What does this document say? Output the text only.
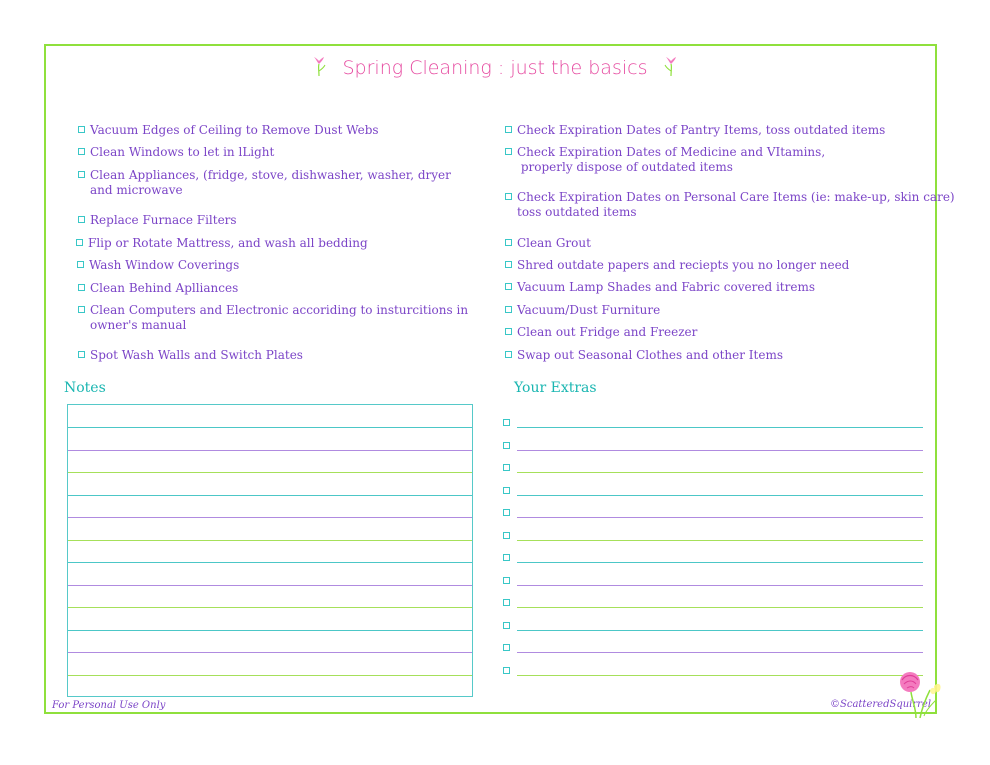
Spring Cleaning : just the basics
Vacuum Edges of Ceiling to Remove Dust Webs
Clean Windows to let in lLight
Clean Appliances, (fridge, stove, dishwasher, washer, dryer
and microwave
Replace Furnace Filters
Flip or Rotate Mattress, and wash all bedding
Wash Window Coverings
Clean Behind Aplliances
Clean Computers and Electronic accoriding to insturcitions in
owner's manual
Spot Wash Walls and Switch Plates
Check Expiration Dates of Pantry Items, toss outdated items
Check Expiration Dates of Medicine and VItamins,
properly dispose of outdated items
Check Expiration Dates on Personal Care Items (ie: make-up, skin care)
toss outdated items
Clean Grout
Shred outdate papers and reciepts you no longer need
Vacuum Lamp Shades and Fabric covered itrems
Vacuum/Dust Furniture
Clean out Fridge and Freezer
Swap out Seasonal Clothes and other Items
Notes	Your Extras
For Personal Use Only	©ScatteredSquirrel
